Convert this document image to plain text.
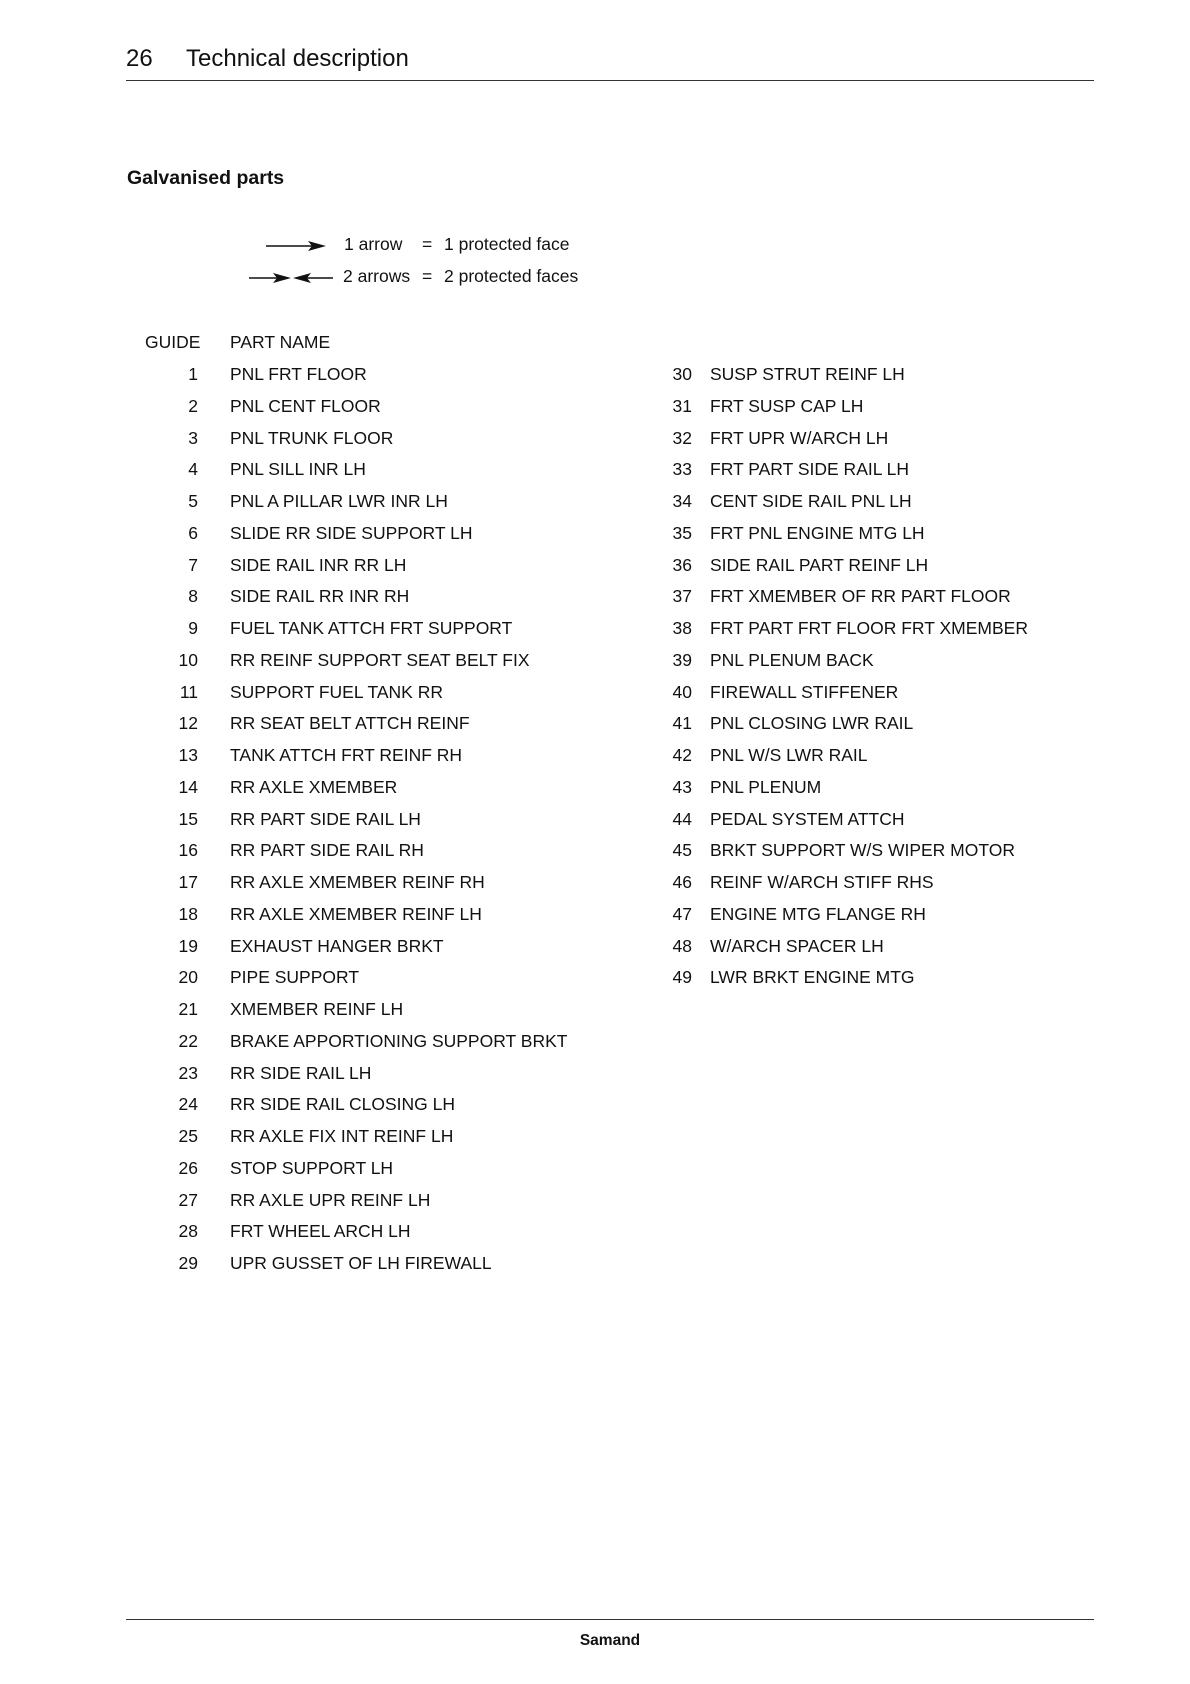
26 Technical description
Galvanised parts
1 arrow = 1 protected face
2 arrows = 2 protected faces
GUIDE PART NAME
1 PNL FRT FLOOR
2 PNL CENT FLOOR
3 PNL TRUNK FLOOR
4 PNL SILL INR LH
5 PNL A PILLAR LWR INR LH
6 SLIDE RR SIDE SUPPORT LH
7 SIDE RAIL INR RR LH
8 SIDE RAIL RR INR RH
9 FUEL TANK ATTCH FRT SUPPORT
10 RR REINF SUPPORT SEAT BELT FIX
11 SUPPORT FUEL TANK RR
12 RR SEAT BELT ATTCH REINF
13 TANK ATTCH FRT REINF RH
14 RR AXLE XMEMBER
15 RR PART SIDE RAIL LH
16 RR PART SIDE RAIL RH
17 RR AXLE XMEMBER REINF RH
18 RR AXLE XMEMBER REINF LH
19 EXHAUST HANGER BRKT
20 PIPE SUPPORT
21 XMEMBER REINF LH
22 BRAKE APPORTIONING SUPPORT BRKT
23 RR SIDE RAIL LH
24 RR SIDE RAIL CLOSING LH
25 RR AXLE FIX INT REINF LH
26 STOP SUPPORT LH
27 RR AXLE UPR REINF LH
28 FRT WHEEL ARCH LH
29 UPR GUSSET OF LH FIREWALL
30 SUSP STRUT REINF LH
31 FRT SUSP CAP LH
32 FRT UPR W/ARCH LH
33 FRT PART SIDE RAIL LH
34 CENT SIDE RAIL PNL LH
35 FRT PNL ENGINE MTG LH
36 SIDE RAIL PART REINF LH
37 FRT XMEMBER OF RR PART FLOOR
38 FRT PART FRT FLOOR FRT XMEMBER
39 PNL PLENUM BACK
40 FIREWALL STIFFENER
41 PNL CLOSING LWR RAIL
42 PNL W/S LWR RAIL
43 PNL PLENUM
44 PEDAL SYSTEM ATTCH
45 BRKT SUPPORT W/S WIPER MOTOR
46 REINF W/ARCH STIFF RHS
47 ENGINE MTG FLANGE RH
48 W/ARCH SPACER LH
49 LWR BRKT ENGINE MTG
Samand
